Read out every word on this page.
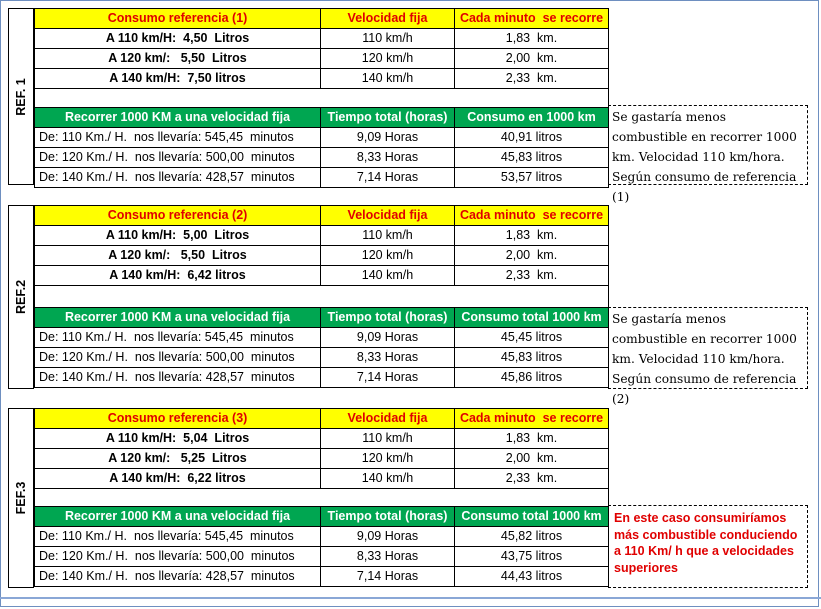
REF. 1
Consumo referencia (1)	Velocidad fija	Cada minuto  se recorre
A 110 km/H:  4,50  Litros	110 km/h	1,83  km.
A 120 km/:   5,50  Litros	120 km/h	2,00  km.
A 140 km/H:  7,50 litros	140 km/h	2,33  km.

Recorrer 1000 KM a una velocidad fija	Tiempo total (horas)	Consumo en 1000 km
De: 110 Km./ H.  nos llevaría: 545,45  minutos	9,09 Horas	40,91 litros
De: 120 Km./ H.  nos llevaría: 500,00  minutos	8,33 Horas	45,83 litros
De: 140 Km./ H.  nos llevaría: 428,57  minutos	7,14 Horas	53,57 litros
Se gastaría menos combustible en recorrer 1000 km. Velocidad 110 km/hora. Según consumo de referencia (1)
REF.2
Consumo referencia (2)	Velocidad fija	Cada minuto  se recorre
A 110 km/H:  5,00  Litros	110 km/h	1,83  km.
A 120 km/:   5,50  Litros	120 km/h	2,00  km.
A 140 km/H:  6,42 litros	140 km/h	2,33  km.

Recorrer 1000 KM a una velocidad fija	Tiempo total (horas)	Consumo total 1000 km
De: 110 Km./ H.  nos llevaría: 545,45  minutos	9,09 Horas	45,45 litros
De: 120 Km./ H.  nos llevaría: 500,00  minutos	8,33 Horas	45,83 litros
De: 140 Km./ H.  nos llevaría: 428,57  minutos	7,14 Horas	45,86 litros
Se gastaría menos combustible en recorrer 1000 km. Velocidad 110 km/hora. Según consumo de referencia (2)
FEF.3
Consumo referencia (3)	Velocidad fija	Cada minuto  se recorre
A 110 km/H:  5,04  Litros	110 km/h	1,83  km.
A 120 km/:   5,25  Litros	120 km/h	2,00  km.
A 140 km/H:  6,22 litros	140 km/h	2,33  km.

Recorrer 1000 KM a una velocidad fija	Tiempo total (horas)	Consumo total 1000 km
De: 110 Km./ H.  nos llevaría: 545,45  minutos	9,09 Horas	45,82 litros
De: 120 Km./ H.  nos llevaría: 500,00  minutos	8,33 Horas	43,75 litros
De: 140 Km./ H.  nos llevaría: 428,57  minutos	7,14 Horas	44,43 litros
En este caso consumiríamos más combustible conduciendo a 110 Km/ h que a velocidades superiores
